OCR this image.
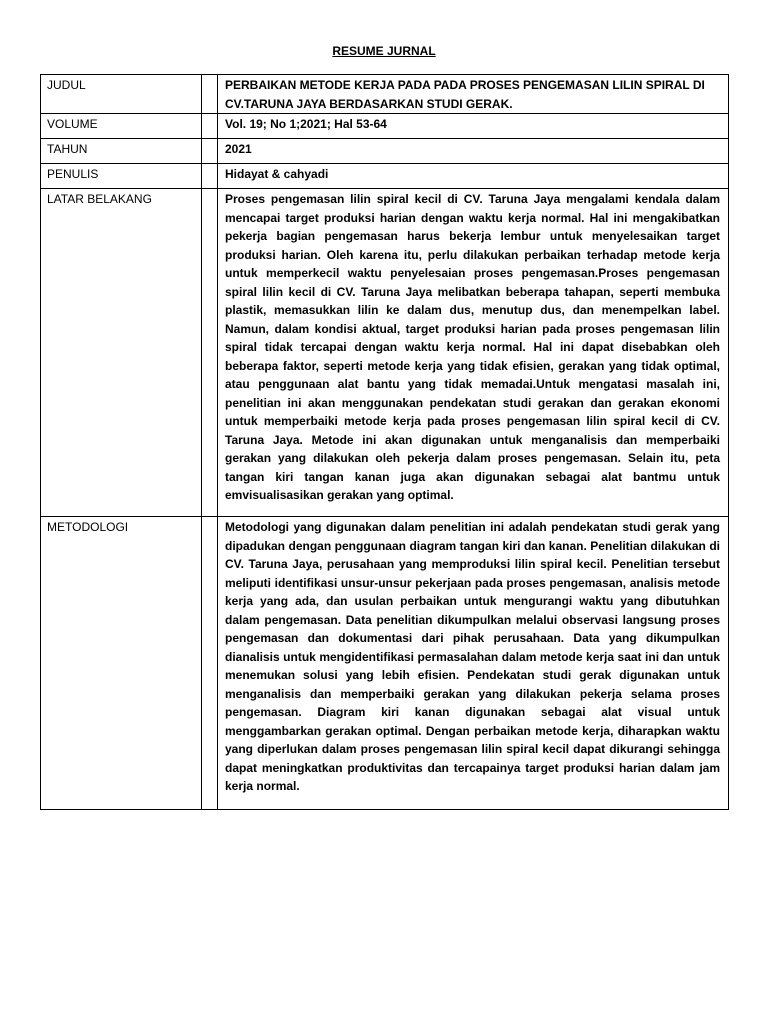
RESUME JURNAL
JUDUL		PERBAIKAN METODE KERJA PADA PADA PROSES PENGEMASAN LILIN SPIRAL DI CV.TARUNA JAYA BERDASARKAN STUDI GERAK.
VOLUME		Vol. 19; No 1;2021; Hal 53-64
TAHUN		2021
PENULIS		Hidayat & cahyadi
LATAR BELAKANG		Proses pengemasan lilin spiral kecil di CV. Taruna Jaya mengalami kendala dalam mencapai target produksi harian dengan waktu kerja normal. Hal ini mengakibatkan pekerja bagian pengemasan harus bekerja lembur untuk menyelesaikan target produksi harian. Oleh karena itu, perlu dilakukan perbaikan terhadap metode kerja untuk memperkecil waktu penyelesaian proses pengemasan.Proses pengemasan spiral lilin kecil di CV. Taruna Jaya melibatkan beberapa tahapan, seperti membuka plastik, memasukkan lilin ke dalam dus, menutup dus, dan menempelkan label. Namun, dalam kondisi aktual, target produksi harian pada proses pengemasan lilin spiral tidak tercapai dengan waktu kerja normal. Hal ini dapat disebabkan oleh beberapa faktor, seperti metode kerja yang tidak efisien, gerakan yang tidak optimal, atau penggunaan alat bantu yang tidak memadai.Untuk mengatasi masalah ini, penelitian ini akan menggunakan pendekatan studi gerakan dan gerakan ekonomi untuk memperbaiki metode kerja pada proses pengemasan lilin spiral kecil di CV. Taruna Jaya. Metode ini akan digunakan untuk menganalisis dan memperbaiki gerakan yang dilakukan oleh pekerja dalam proses pengemasan. Selain itu, peta tangan kiri tangan kanan juga akan digunakan sebagai alat bantmu untuk emvisualisasikan gerakan yang optimal.
METODOLOGI		Metodologi yang digunakan dalam penelitian ini adalah pendekatan studi gerak yang dipadukan dengan penggunaan diagram tangan kiri dan kanan. Penelitian dilakukan di CV. Taruna Jaya, perusahaan yang memproduksi lilin spiral kecil. Penelitian tersebut meliputi identifikasi unsur-unsur pekerjaan pada proses pengemasan, analisis metode kerja yang ada, dan usulan perbaikan untuk mengurangi waktu yang dibutuhkan dalam pengemasan. Data penelitian dikumpulkan melalui observasi langsung proses pengemasan dan dokumentasi dari pihak perusahaan. Data yang dikumpulkan dianalisis untuk mengidentifikasi permasalahan dalam metode kerja saat ini dan untuk menemukan solusi yang lebih efisien. Pendekatan studi gerak digunakan untuk menganalisis dan memperbaiki gerakan yang dilakukan pekerja selama proses pengemasan. Diagram kiri kanan digunakan sebagai alat visual untuk menggambarkan gerakan optimal. Dengan perbaikan metode kerja, diharapkan waktu yang diperlukan dalam proses pengemasan lilin spiral kecil dapat dikurangi sehingga dapat meningkatkan produktivitas dan tercapainya target produksi harian dalam jam kerja normal.
